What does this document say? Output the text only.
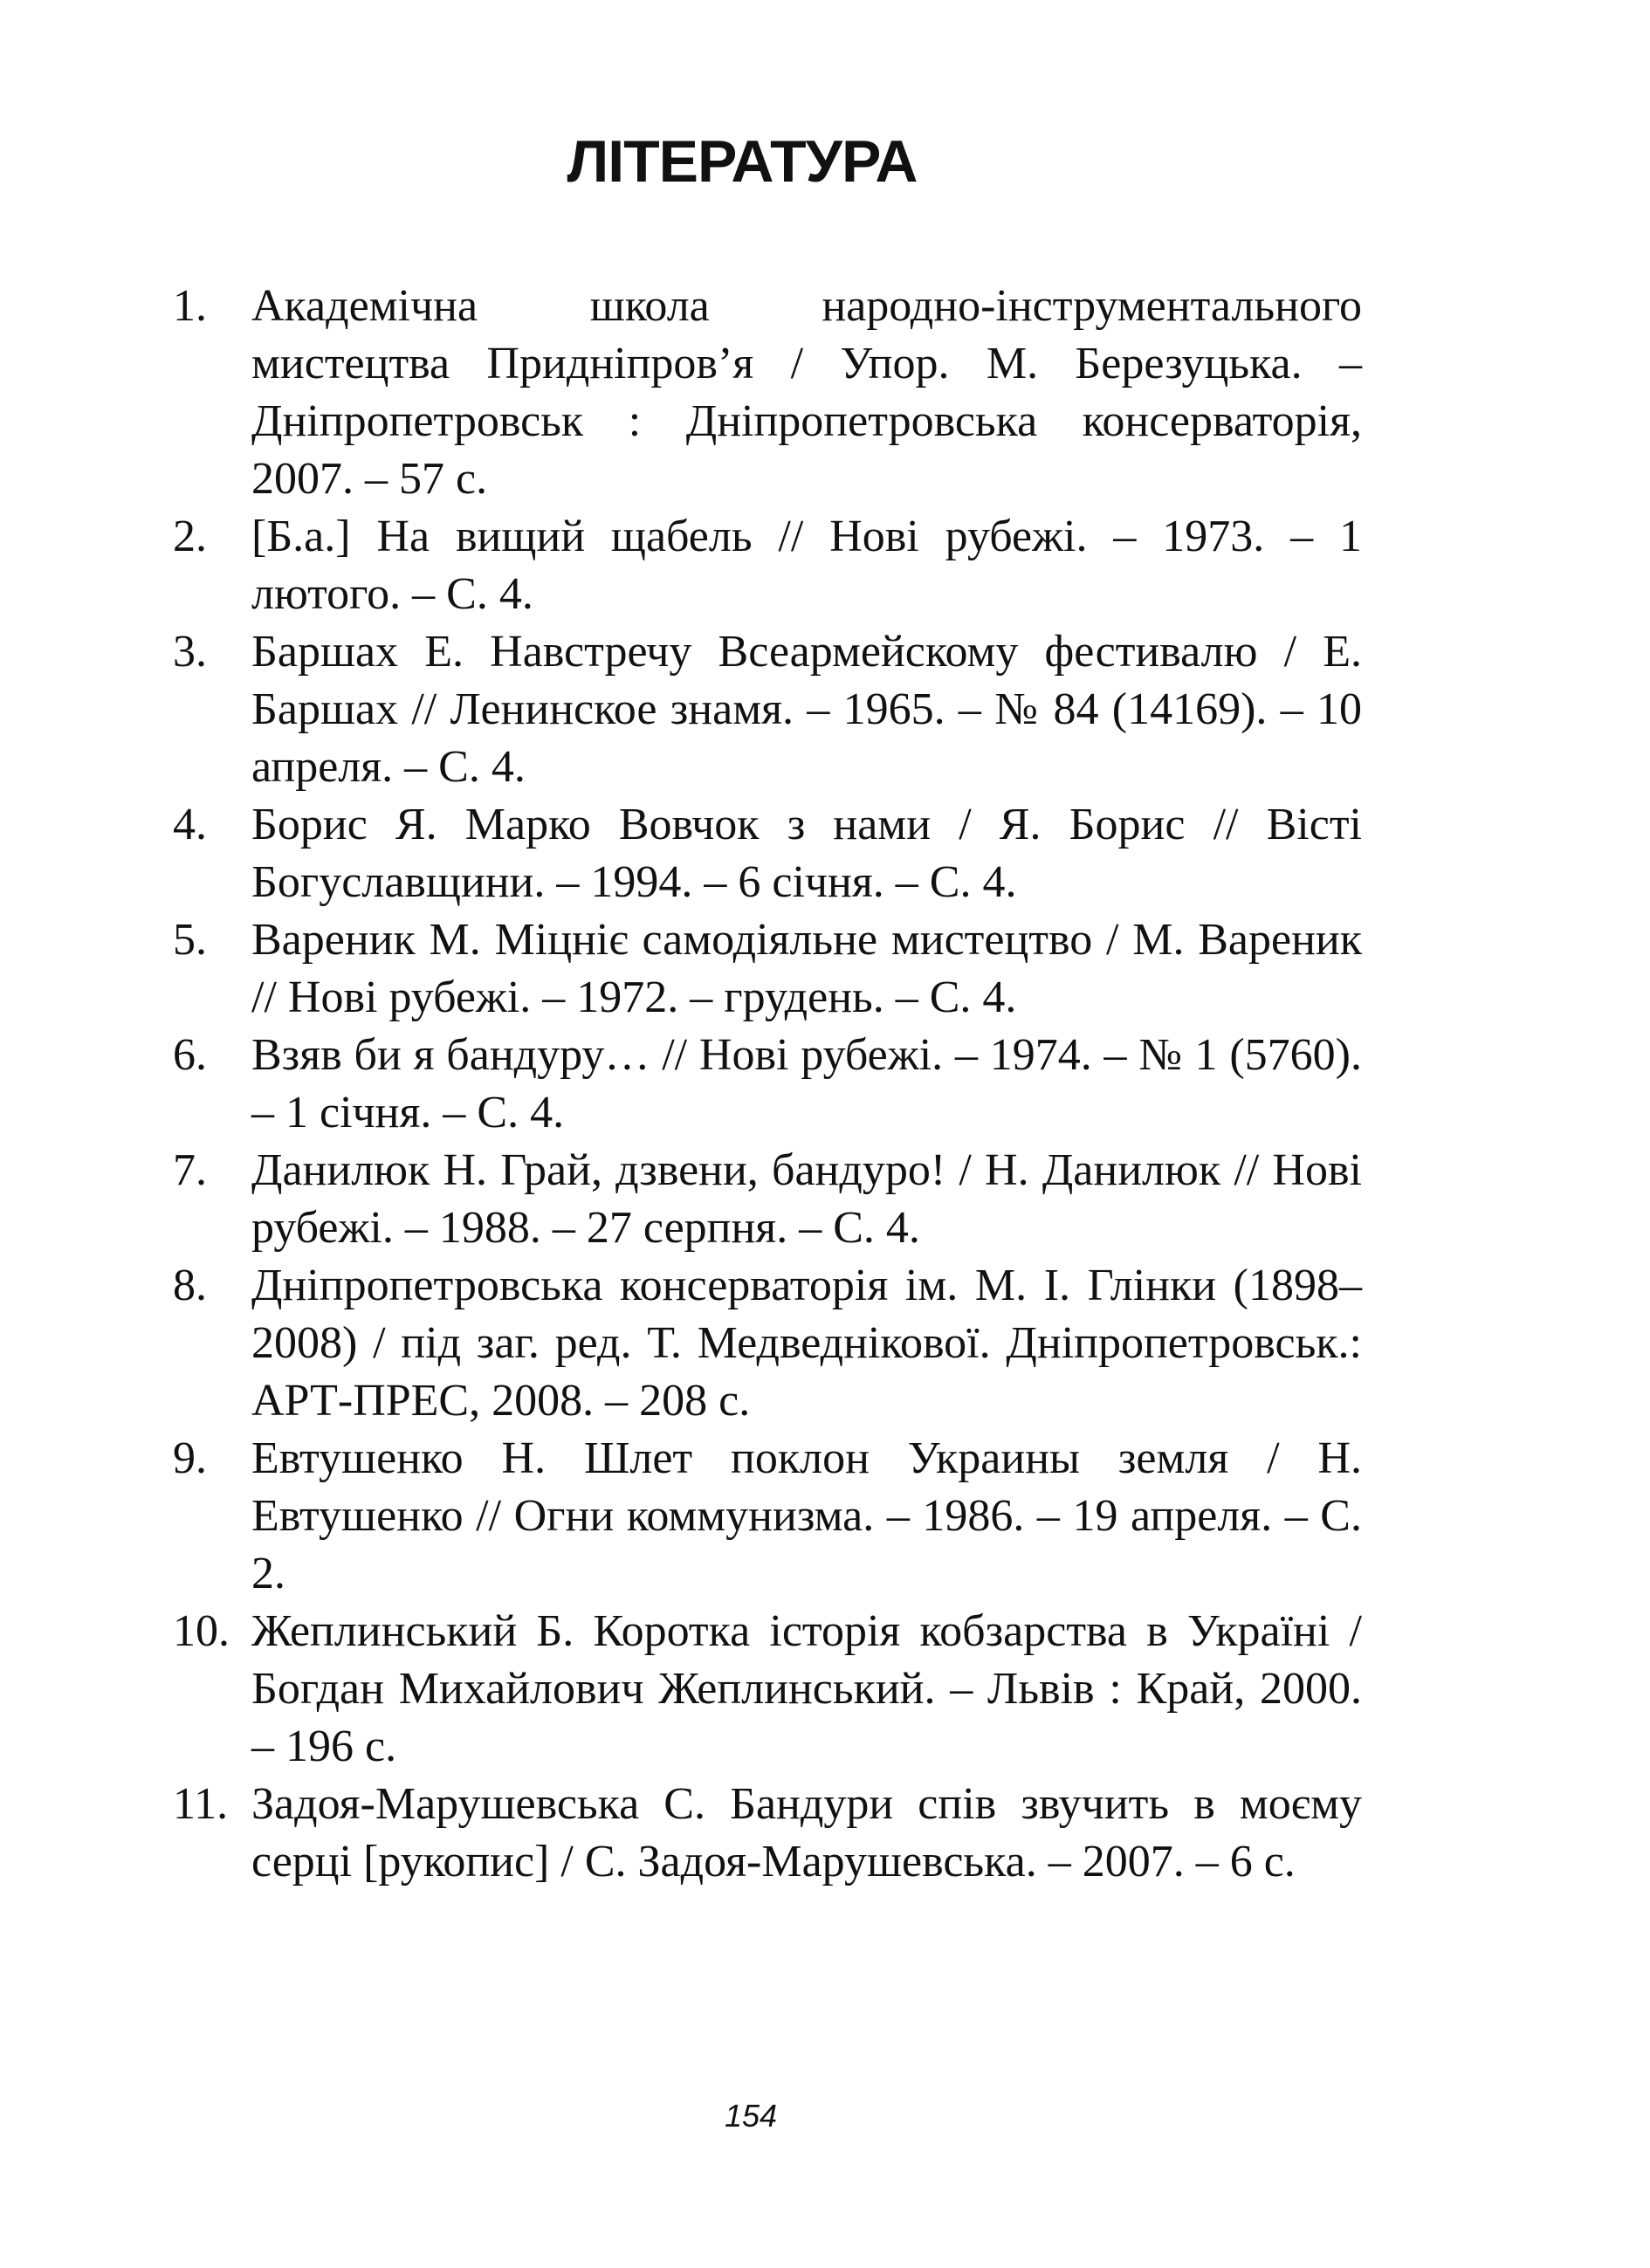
ЛІТЕРАТУРА
1. Академічна школа народно-інструментального мистецтва Придніпров’я / Упор. М. Березуцька. – Дніпропетровськ : Дніпропетровська консерваторія, 2007. – 57 с.
2. [Б.а.] На вищий щабель // Нові рубежі. – 1973. – 1 лютого. – С. 4.
3. Баршах Е. Навстречу Всеармейскому фестивалю / Е. Баршах // Ленинское знамя. – 1965. – № 84 (14169). – 10 апреля. – С. 4.
4. Борис Я. Марко Вовчок з нами / Я. Борис // Вісті Богуславщини. – 1994. – 6 січня. – С. 4.
5. Вареник М. Міцніє самодіяльне мистецтво / М. Вареник // Нові рубежі. – 1972. – грудень. – С. 4.
6. Взяв би я бандуру… // Нові рубежі. – 1974. – № 1 (5760). – 1 січня. – С. 4.
7. Данилюк Н. Грай, дзвени, бандуро! / Н. Данилюк // Нові рубежі. – 1988. – 27 серпня. – С. 4.
8. Дніпропетровська консерваторія ім. М. І. Глінки (1898–2008) / під заг. ред. Т. Медведнікової. Дніпропетровськ.: АРТ-ПРЕС, 2008. – 208 с.
9. Евтушенко Н. Шлет поклон Украины земля / Н. Евтушенко // Огни коммунизма. – 1986. – 19 апреля. – С. 2.
10. Жеплинський Б. Коротка історія кобзарства в Україні / Богдан Михайлович Жеплинський. – Львів : Край, 2000. – 196 с.
11. Задоя-Марушевська С. Бандури спів звучить в моєму серці [рукопис] / С. Задоя-Марушевська. – 2007. – 6 с.
154
